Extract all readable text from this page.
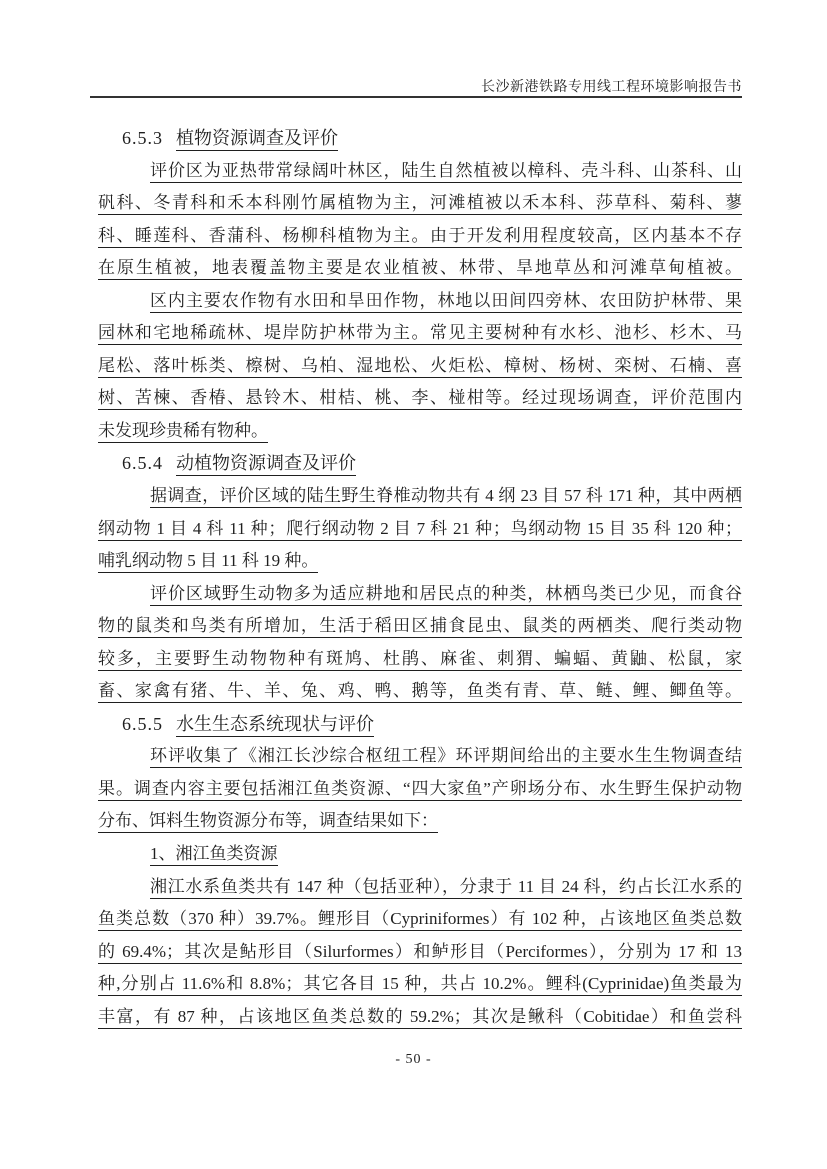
长沙新港铁路专用线工程环境影响报告书
6.5.3 植物资源调查及评价
评价区为亚热带常绿阔叶林区，陆生自然植被以樟科、壳斗科、山茶科、山
矾科、冬青科和禾本科刚竹属植物为主，河滩植被以禾本科、莎草科、菊科、蓼
科、睡莲科、香蒲科、杨柳科植物为主。由于开发利用程度较高，区内基本不存
在原生植被，地表覆盖物主要是农业植被、林带、旱地草丛和河滩草甸植被。
区内主要农作物有水田和旱田作物，林地以田间四旁林、农田防护林带、果
园林和宅地稀疏林、堤岸防护林带为主。常见主要树种有水杉、池杉、杉木、马
尾松、落叶栎类、檫树、乌柏、湿地松、火炬松、樟树、杨树、栾树、石楠、喜
树、苦楝、香椿、悬铃木、柑桔、桃、李、椪柑等。经过现场调查，评价范围内
未发现珍贵稀有物种。
6.5.4 动植物资源调查及评价
据调查，评价区域的陆生野生脊椎动物共有 4 纲 23 目 57 科 171 种，其中两栖
纲动物 1 目 4 科 11 种；爬行纲动物 2 目 7 科 21 种；鸟纲动物 15 目 35 科 120 种；
哺乳纲动物 5 目 11 科 19 种。
评价区域野生动物多为适应耕地和居民点的种类，林栖鸟类已少见，而食谷
物的鼠类和鸟类有所增加，生活于稻田区捕食昆虫、鼠类的两栖类、爬行类动物
较多，主要野生动物物种有斑鸠、杜鹃、麻雀、刺猬、蝙蝠、黄鼬、松鼠，家
畜、家禽有猪、牛、羊、兔、鸡、鸭、鹅等，鱼类有青、草、鲢、鲤、鲫鱼等。
6.5.5 水生生态系统现状与评价
环评收集了《湘江长沙综合枢纽工程》环评期间给出的主要水生生物调查结
果。调查内容主要包括湘江鱼类资源、“四大家鱼”产卵场分布、水生野生保护动物
分布、饵料生物资源分布等，调查结果如下：
1、湘江鱼类资源
湘江水系鱼类共有 147 种（包括亚种），分隶于 11 目 24 科，约占长江水系的
鱼类总数（370 种）39.7%。鲤形目（Cypriniformes）有 102 种，占该地区鱼类总数
的 69.4%；其次是鲇形目（Silurformes）和鲈形目（Perciformes），分别为 17 和 13
种,分别占 11.6%和 8.8%；其它各目 15 种，共占 10.2%。鲤科(Cyprinidae)鱼类最为
丰富，有 87 种，占该地区鱼类总数的 59.2%；其次是鳅科（Cobitidae）和鱼尝科
- 50 -
